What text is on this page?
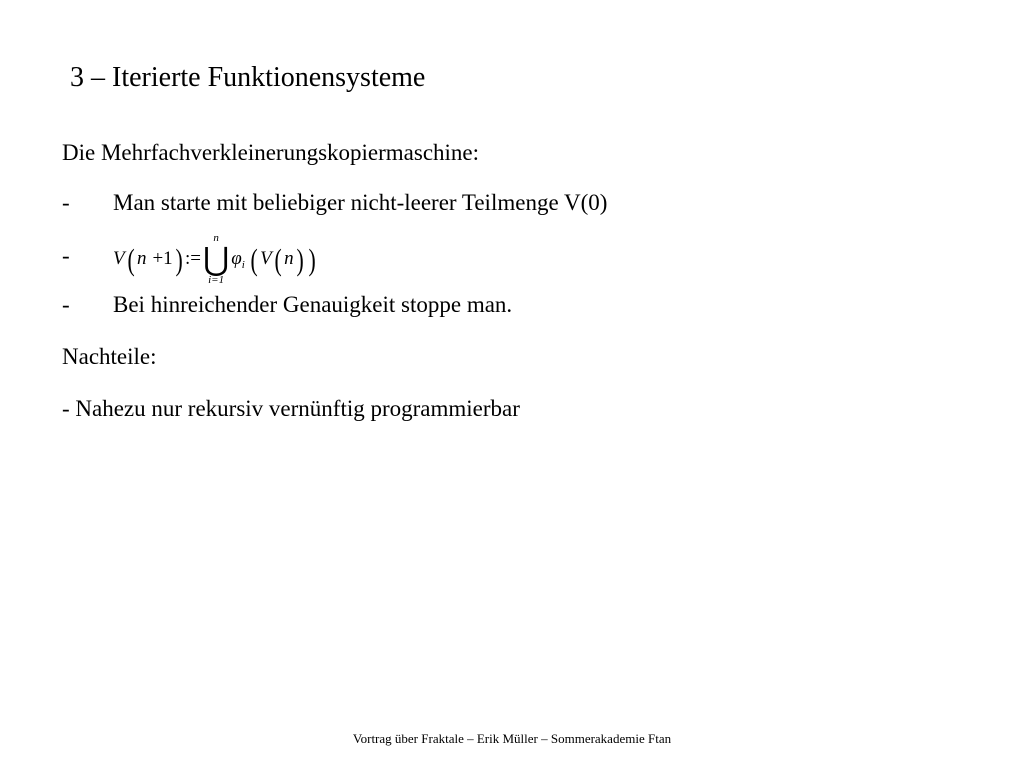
3 – Iterierte Funktionensysteme
Die Mehrfachverkleinerungskopiermaschine:
- Man starte mit beliebiger nicht-leerer Teilmenge V(0)
- V ( n + 1 ) :=
n
⋃
i=1
φ i ( V ( n ) )
- Bei hinreichender Genauigkeit stoppe man.
Nachteile:
- Nahezu nur rekursiv vernünftig programmierbar
Vortrag über Fraktale – Erik Müller – Sommerakademie Ftan
